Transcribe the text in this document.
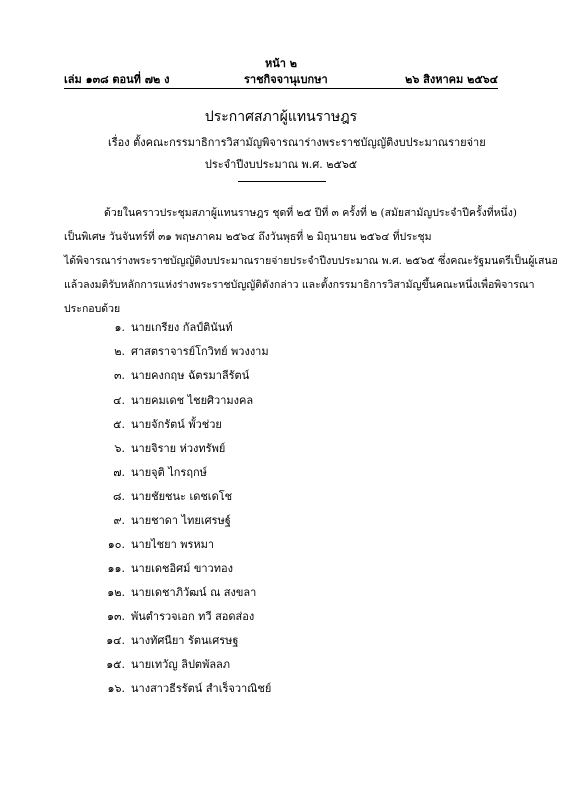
หน้า ๒
เล่ม ๑๓๘ ตอนที่ ๗๒ ง	ราชกิจจานุเบกษา	๒๖ สิงหาคม ๒๕๖๔
ประกาศสภาผู้แทนราษฎร
เรื่อง ตั้งคณะกรรมาธิการวิสามัญพิจารณาร่างพระราชบัญญัติงบประมาณรายจ่าย
ประจำปีงบประมาณ พ.ศ. ๒๕๖๕
ด้วยในคราวประชุมสภาผู้แทนราษฎร ชุดที่ ๒๕ ปีที่ ๓ ครั้งที่ ๒ (สมัยสามัญประจำปีครั้งที่หนึ่ง)
เป็นพิเศษ วันจันทร์ที่ ๓๑ พฤษภาคม ๒๕๖๔ ถึงวันพุธที่ ๒ มิถุนายน ๒๕๖๔ ที่ประชุม
ได้พิจารณาร่างพระราชบัญญัติงบประมาณรายจ่ายประจำปีงบประมาณ พ.ศ. ๒๕๖๕ ซึ่งคณะรัฐมนตรีเป็นผู้เสนอ
แล้วลงมติรับหลักการแห่งร่างพระราชบัญญัติดังกล่าว และตั้งกรรมาธิการวิสามัญขึ้นคณะหนึ่งเพื่อพิจารณา
ประกอบด้วย
๑. นายเกรียง กัลป์ตินันท์
๒. ศาสตราจารย์โกวิทย์ พวงงาม
๓. นายคงกฤษ ฉัตรมาลีรัตน์
๔. นายคมเดช ไชยศิวามงคล
๕. นายจักรัตน์ พั้วช่วย
๖. นายจิราย ห่วงทรัพย์
๗. นายจุติ ไกรฤกษ์
๘. นายชัยชนะ เดชเดโช
๙. นายชาดา ไทยเศรษฐ์
๑๐. นายไชยา พรหมา
๑๑. นายเดชอิศม์ ขาวทอง
๑๒. นายเดชาภิวัฒน์ ณ สงขลา
๑๓. พันตำรวจเอก ทวี สอดส่อง
๑๔. นางทัศนียา รัตนเศรษฐ
๑๕. นายเทวัญ ลิปตพัลลภ
๑๖. นางสาวธีรรัตน์ สำเร็จวาณิชย์
